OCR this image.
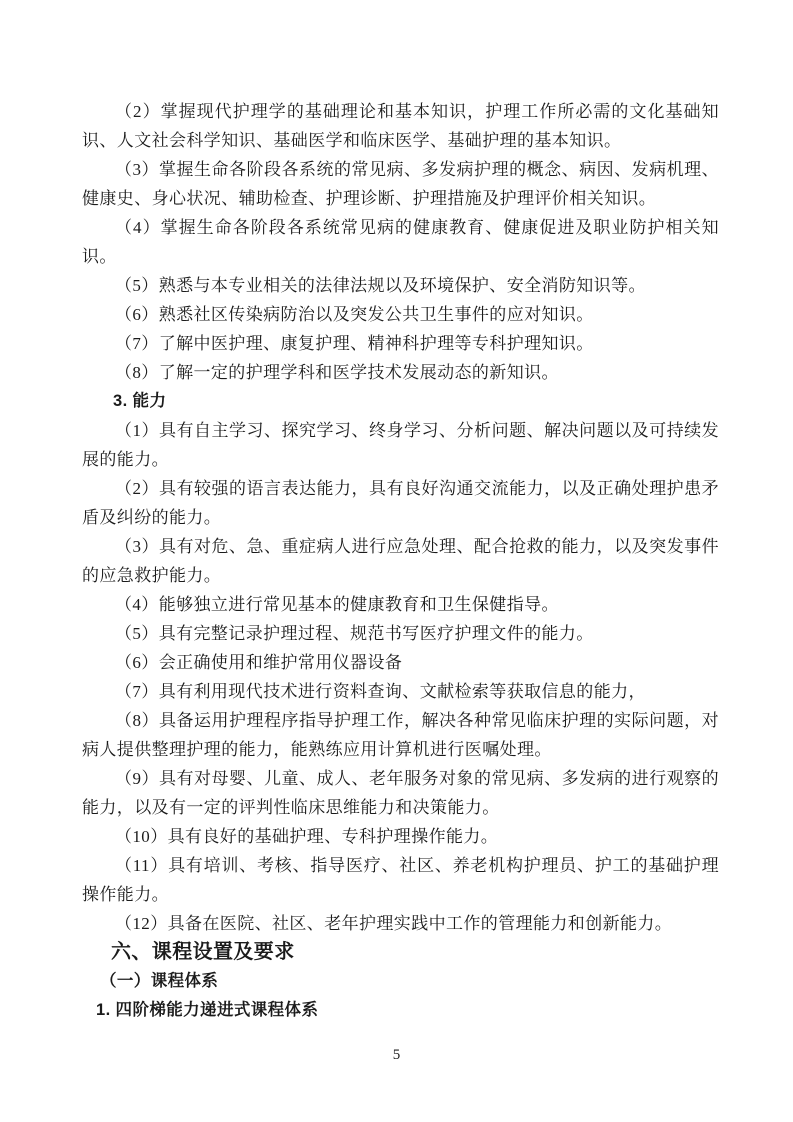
（2）掌握现代护理学的基础理论和基本知识，护理工作所必需的文化基础知识、人文社会科学知识、基础医学和临床医学、基础护理的基本知识。

（3）掌握生命各阶段各系统的常见病、多发病护理的概念、病因、发病机理、健康史、身心状况、辅助检查、护理诊断、护理措施及护理评价相关知识。

（4）掌握生命各阶段各系统常见病的健康教育、健康促进及职业防护相关知识。

（5）熟悉与本专业相关的法律法规以及环境保护、安全消防知识等。

（6）熟悉社区传染病防治以及突发公共卫生事件的应对知识。

（7）了解中医护理、康复护理、精神科护理等专科护理知识。

（8）了解一定的护理学科和医学技术发展动态的新知识。

3. 能力

（1）具有自主学习、探究学习、终身学习、分析问题、解决问题以及可持续发展的能力。

（2）具有较强的语言表达能力，具有良好沟通交流能力，以及正确处理护患矛盾及纠纷的能力。

（3）具有对危、急、重症病人进行应急处理、配合抢救的能力，以及突发事件的应急救护能力。

（4）能够独立进行常见基本的健康教育和卫生保健指导。

（5）具有完整记录护理过程、规范书写医疗护理文件的能力。

（6）会正确使用和维护常用仪器设备

（7）具有利用现代技术进行资料查询、文献检索等获取信息的能力，

（8）具备运用护理程序指导护理工作，解决各种常见临床护理的实际问题，对病人提供整理护理的能力，能熟练应用计算机进行医嘱处理。

（9）具有对母婴、儿童、成人、老年服务对象的常见病、多发病的进行观察的能力，以及有一定的评判性临床思维能力和决策能力。

（10）具有良好的基础护理、专科护理操作能力。

（11）具有培训、考核、指导医疗、社区、养老机构护理员、护工的基础护理操作能力。

（12）具备在医院、社区、老年护理实践中工作的管理能力和创新能力。

六、课程设置及要求

（一）课程体系

1. 四阶梯能力递进式课程体系

5
